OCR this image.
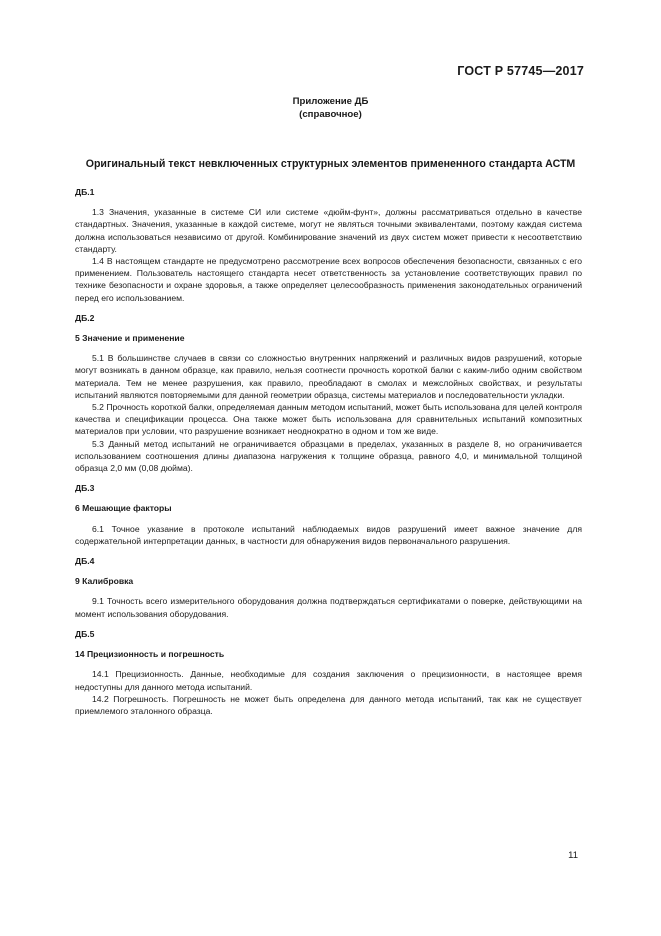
ГОСТ Р 57745—2017
Приложение ДБ
(справочное)
Оригинальный текст невключенных структурных элементов примененного стандарта АСТМ
ДБ.1

1.3 Значения, указанные в системе СИ или системе «дюйм-фунт», должны рассматриваться отдельно в качестве стандартных. Значения, указанные в каждой системе, могут не являться точными эквивалентами, поэтому каждая система должна использоваться независимо от другой. Комбинирование значений из двух систем может привести к несоответствию стандарту.

1.4 В настоящем стандарте не предусмотрено рассмотрение всех вопросов обеспечения безопасности, связанных с его применением. Пользователь настоящего стандарта несет ответственность за установление соответствующих правил по технике безопасности и охране здоровья, а также определяет целесообразность применения законодательных ограничений перед его использованием.

ДБ.2
5 Значение и применение

5.1 В большинстве случаев в связи со сложностью внутренних напряжений и различных видов разрушений, которые могут возникать в данном образце, как правило, нельзя соотнести прочность короткой балки с каким-либо одним свойством материала. Тем не менее разрушения, как правило, преобладают в смолах и межслойных свойствах, и результаты испытаний являются повторяемыми для данной геометрии образца, системы материалов и последовательности укладки.

5.2 Прочность короткой балки, определяемая данным методом испытаний, может быть использована для целей контроля качества и спецификации процесса. Она также может быть использована для сравнительных испытаний композитных материалов при условии, что разрушение возникает неоднократно в одном и том же виде.

5.3 Данный метод испытаний не ограничивается образцами в пределах, указанных в разделе 8, но ограничивается использованием соотношения длины диапазона нагружения к толщине образца, равного 4,0, и минимальной толщиной образца 2,0 мм (0,08 дюйма).

ДБ.3
6 Мешающие факторы

6.1 Точное указание в протоколе испытаний наблюдаемых видов разрушений имеет важное значение для содержательной интерпретации данных, в частности для обнаружения видов первоначального разрушения.

ДБ.4
9 Калибровка

9.1 Точность всего измерительного оборудования должна подтверждаться сертификатами о поверке, действующими на момент использования оборудования.

ДБ.5
14 Прецизионность и погрешность

14.1 Прецизионность. Данные, необходимые для создания заключения о прецизионности, в настоящее время недоступны для данного метода испытаний.

14.2 Погрешность. Погрешность не может быть определена для данного метода испытаний, так как не существует приемлемого эталонного образца.

11
